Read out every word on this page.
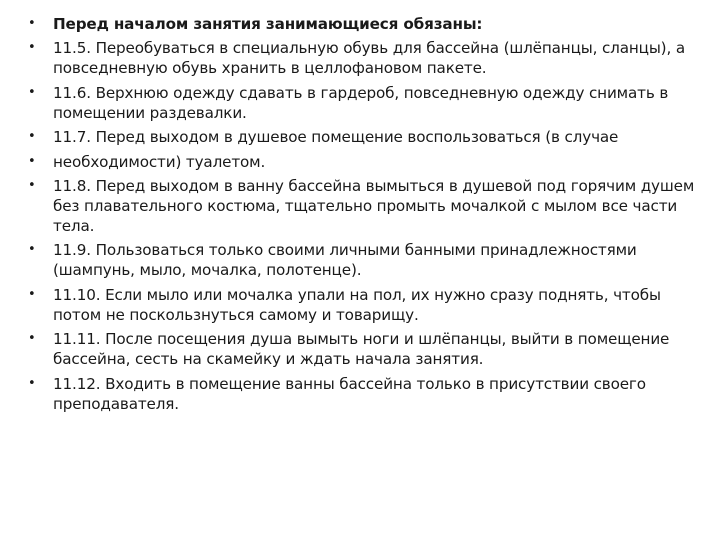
• Перед началом занятия занимающиеся обязаны:
• 11.5. Переобуваться в специальную обувь для бассейна (шлёпанцы, сланцы), а повседневную обувь хранить в целлофановом пакете.
• 11.6. Верхнюю одежду сдавать в гардероб, повседневную одежду снимать в помещении раздевалки.
• 11.7. Перед выходом в душевое помещение воспользоваться (в случае
• необходимости) туалетом.
• 11.8. Перед выходом в ванну бассейна вымыться в душевой под горячим душем без плавательного костюма, тщательно промыть мочалкой с мылом все части тела.
• 11.9. Пользоваться только своими личными банными принадлежностями (шампунь, мыло, мочалка, полотенце).
• 11.10. Если мыло или мочалка упали на пол, их нужно сразу поднять, чтобы потом не поскользнуться самому и товарищу.
• 11.11. После посещения душа вымыть ноги и шлёпанцы, выйти в помещение бассейна, сесть на скамейку и ждать начала занятия.
• 11.12. Входить в помещение ванны бассейна только в присутствии своего преподавателя.
